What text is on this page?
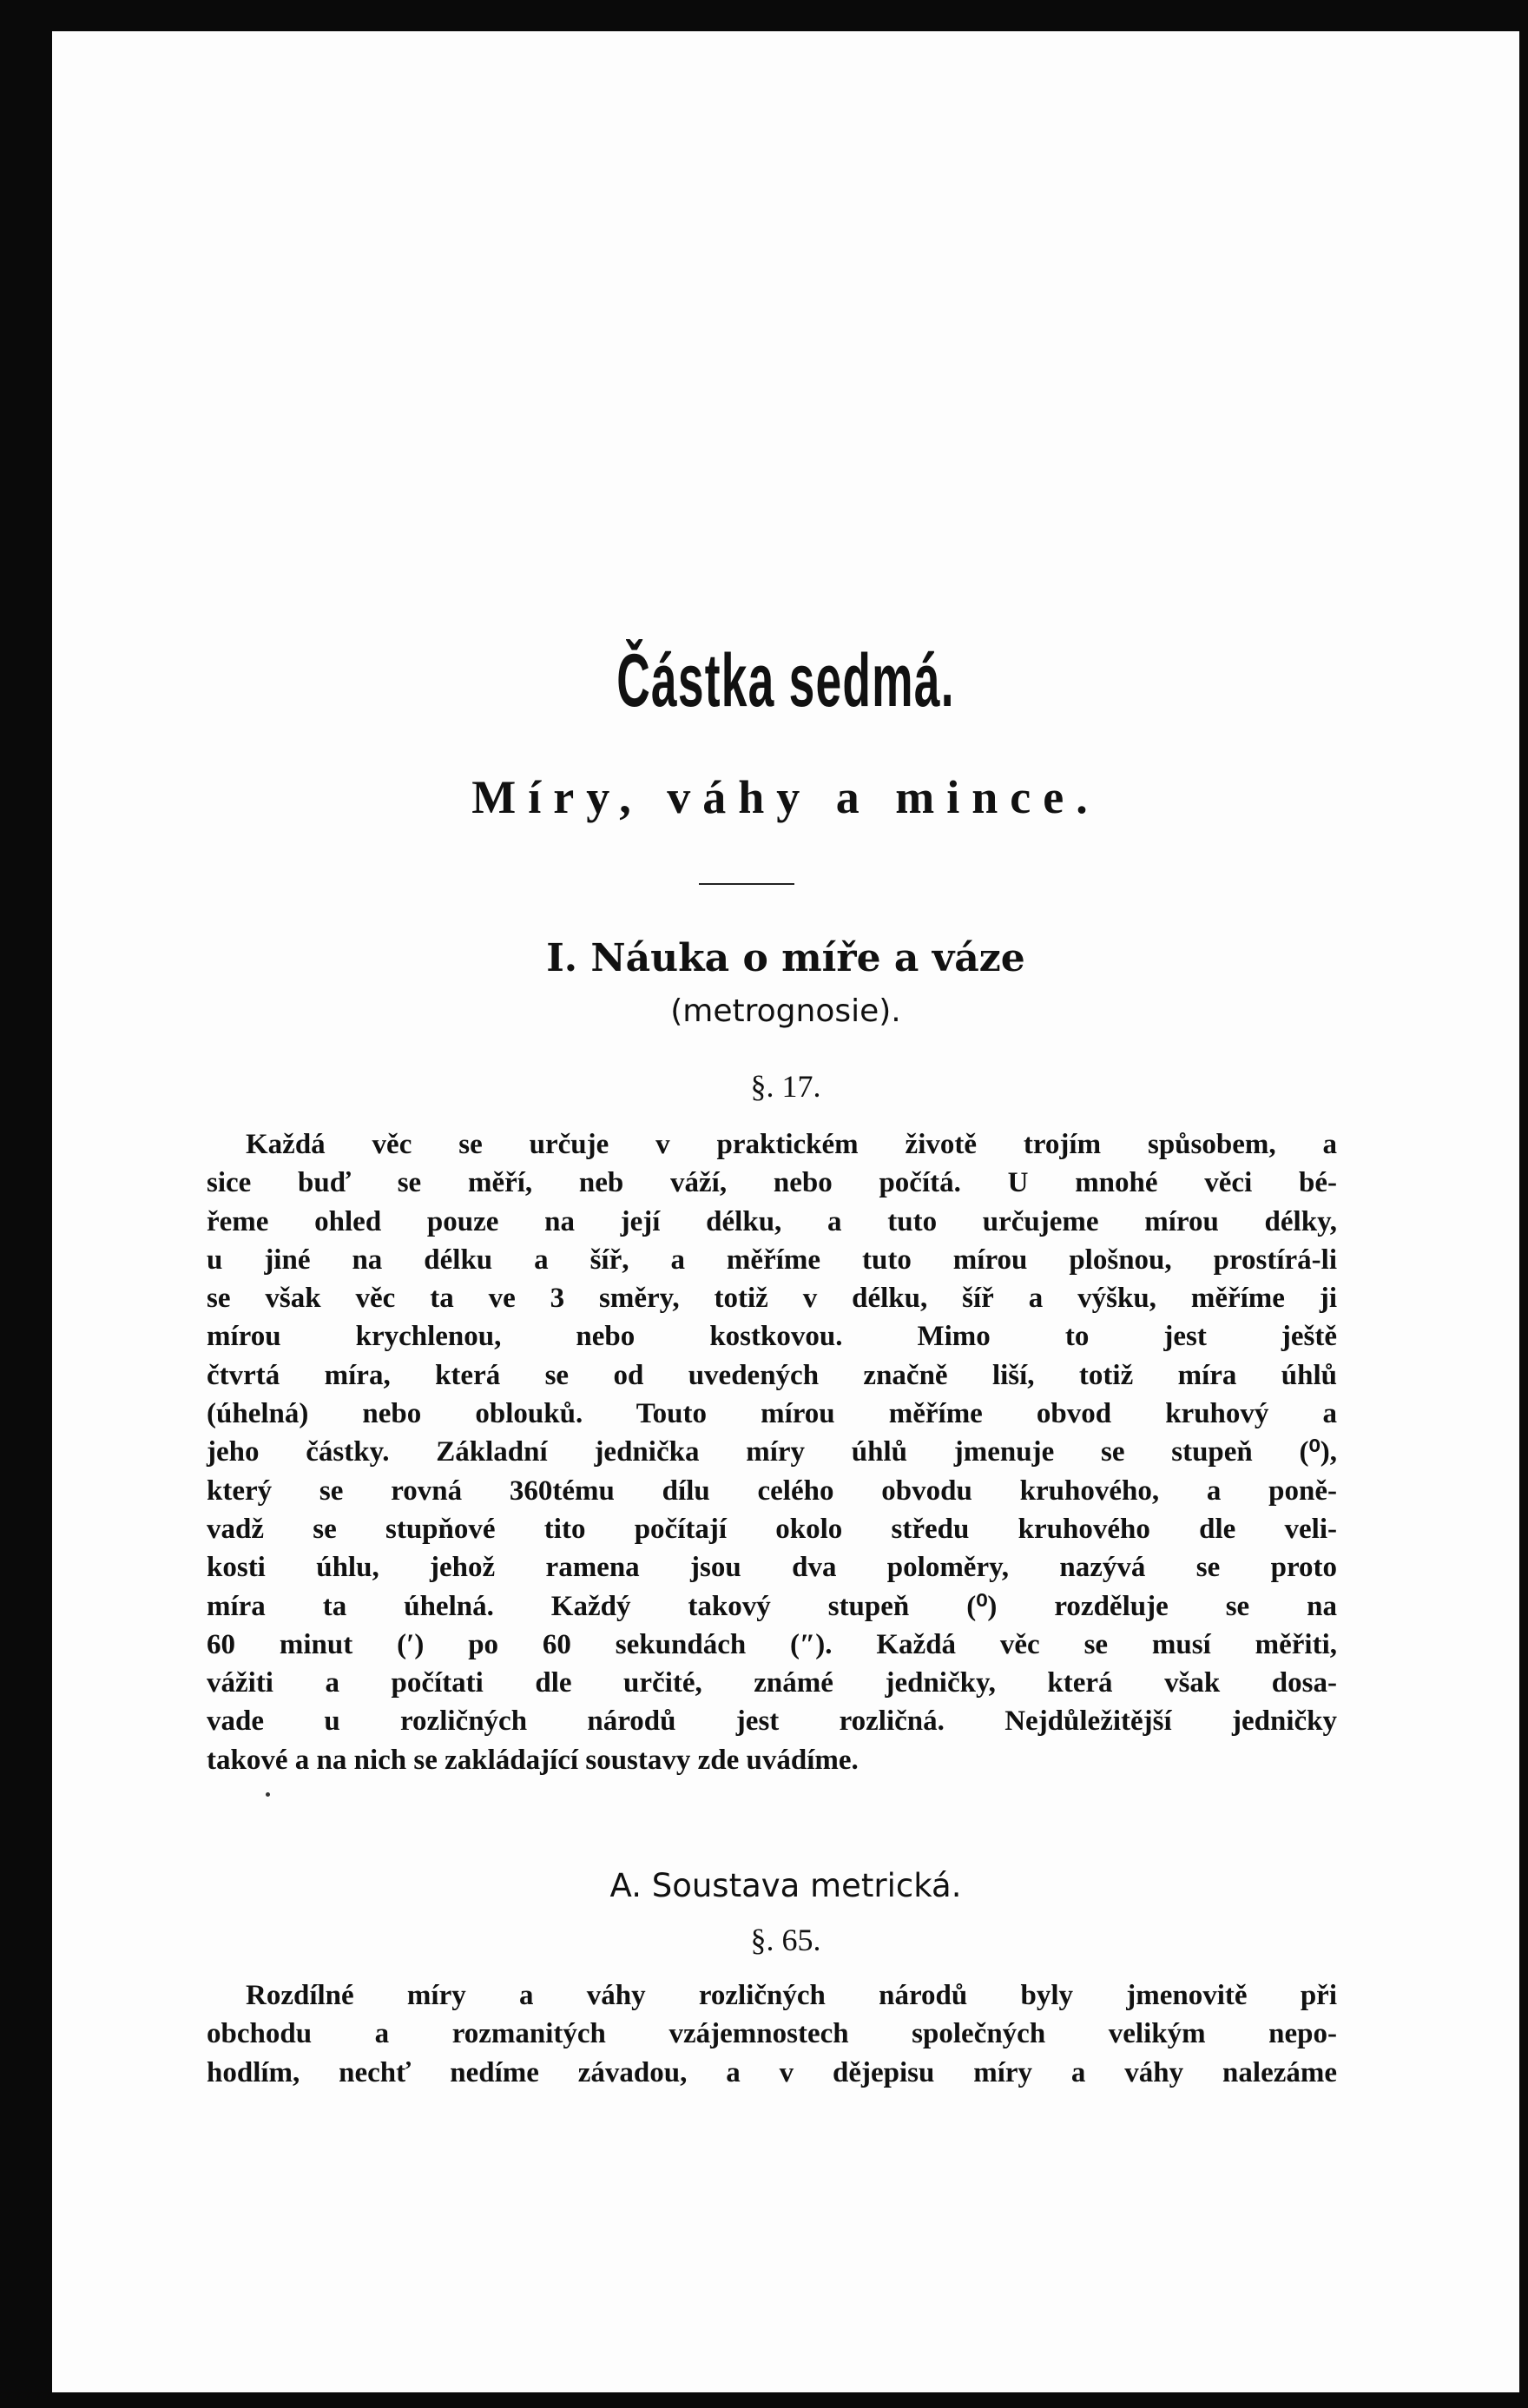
Částka sedmá.
Míry, váhy a mince.
I. Náuka o míře a váze
(metrognosie).
§. 17.
Každá věc se určuje v praktickém životě trojím spůsobem, a
sice buď se měří, neb váží, nebo počítá. U mnohé věci bé-
řeme ohled pouze na její délku, a tuto určujeme mírou délky,
u jiné na délku a šíř, a měříme tuto mírou plošnou, prostírá-li
se však věc ta ve 3 směry, totiž v délku, šíř a výšku, měříme ji
mírou krychlenou, nebo kostkovou. Mimo to jest ještě
čtvrtá míra, která se od uvedených značně liší, totiž míra úhlů
(úhelná) nebo oblouků. Touto mírou měříme obvod kruhový a
jeho částky. Základní jednička míry úhlů jmenuje se stupeň (⁰),
který se rovná 360tému dílu celého obvodu kruhového, a poně-
vadž se stupňové tito počítají okolo středu kruhového dle veli-
kosti úhlu, jehož ramena jsou dva poloměry, nazývá se proto
míra ta úhelná. Každý takový stupeň (⁰) rozděluje se na
60 minut (′) po 60 sekundách (″). Každá věc se musí měřiti,
vážiti a počítati dle určité, známé jedničky, která však dosa-
vade u rozličných národů jest rozličná. Nejdůležitější jedničky
takové a na nich se zakládající soustavy zde uvádíme.
A. Soustava metrická.
§. 65.
Rozdílné míry a váhy rozličných národů byly jmenovitě při
obchodu a rozmanitých vzájemnostech společných velikým nepo-
hodlím, nechť nedíme závadou, a v dějepisu míry a váhy nalezáme
